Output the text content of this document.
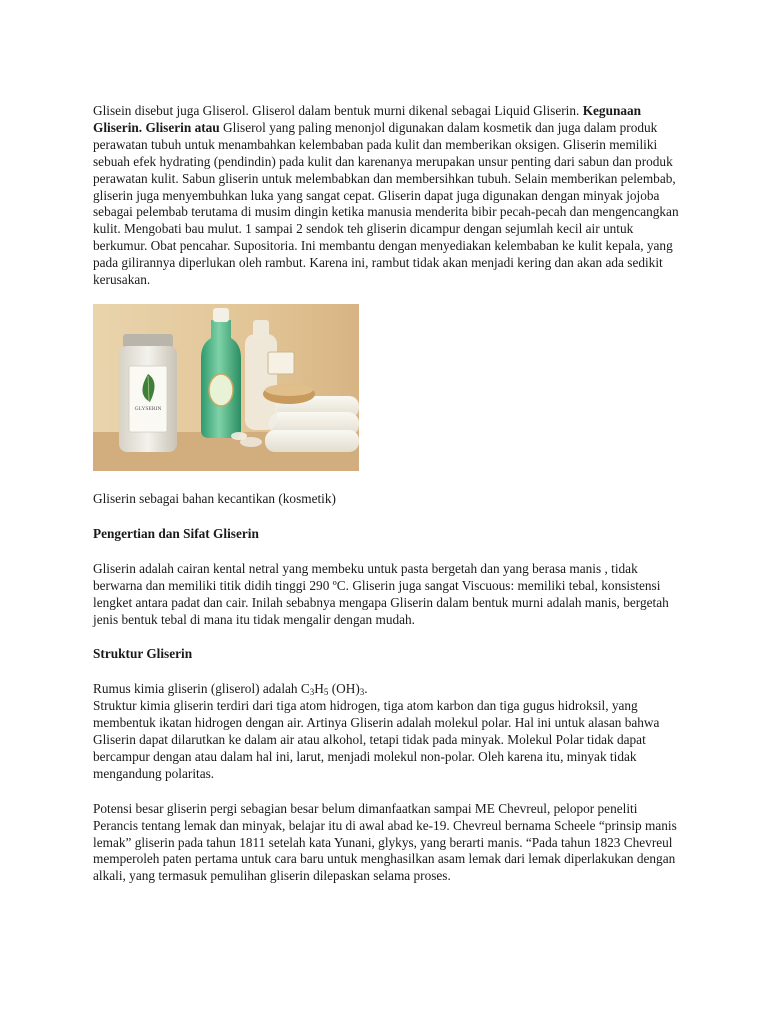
Glisein disebut juga Gliserol. Gliserol dalam bentuk murni dikenal sebagai Liquid Gliserin. Kegunaan Gliserin. Gliserin atau Gliserol yang paling menonjol digunakan dalam kosmetik dan juga dalam produk perawatan tubuh untuk menambahkan kelembaban pada kulit dan memberikan oksigen. Gliserin memiliki sebuah efek hydrating (pendindin) pada kulit dan karenanya merupakan unsur penting dari sabun dan produk perawatan kulit. Sabun gliserin untuk melembabkan dan membersihkan tubuh. Selain memberikan pelembab, gliserin juga menyembuhkan luka yang sangat cepat. Gliserin dapat juga digunakan dengan minyak jojoba sebagai pelembab terutama di musim dingin ketika manusia menderita bibir pecah-pecah dan mengencangkan kulit. Mengobati bau mulut. 1 sampai 2 sendok teh gliserin dicampur dengan sejumlah kecil air untuk berkumur. Obat pencahar. Supositoria. Ini membantu dengan menyediakan kelembaban ke kulit kepala, yang pada gilirannya diperlukan oleh rambut. Karena ini, rambut tidak akan menjadi kering dan akan ada sedikit kerusakan.

GLYSERIN

Gliserin sebagai bahan kecantikan (kosmetik)

Pengertian dan Sifat Gliserin

Gliserin adalah cairan kental netral yang membeku untuk pasta bergetah dan yang berasa manis , tidak berwarna dan memiliki titik didih tinggi 290 ºC. Gliserin juga sangat Viscuous: memiliki tebal, konsistensi lengket antara padat dan cair. Inilah sebabnya mengapa Gliserin dalam bentuk murni adalah manis, bergetah jenis bentuk tebal di mana itu tidak mengalir dengan mudah.

Struktur Gliserin

Rumus kimia gliserin (gliserol) adalah $C_3H_5$ $(OH)_3$.

Struktur kimia gliserin terdiri dari tiga atom hidrogen, tiga atom karbon dan tiga gugus hidroksil, yang membentuk ikatan hidrogen dengan air. Artinya Gliserin adalah molekul polar. Hal ini untuk alasan bahwa Gliserin dapat dilarutkan ke dalam air atau alkohol, tetapi tidak pada minyak. Molekul Polar tidak dapat bercampur dengan atau dalam hal ini, larut, menjadi molekul non-polar. Oleh karena itu, minyak tidak mengandung polaritas.

Potensi besar gliserin pergi sebagian besar belum dimanfaatkan sampai ME Chevreul, pelopor peneliti Perancis tentang lemak dan minyak, belajar itu di awal abad ke-19. Chevreul bernama Scheele “prinsip manis lemak” gliserin pada tahun 1811 setelah kata Yunani, glykys, yang berarti manis. “Pada tahun 1823 Chevreul memperoleh paten pertama untuk cara baru untuk menghasilkan asam lemak dari lemak diperlakukan dengan alkali, yang termasuk pemulihan gliserin dilepaskan selama proses.
